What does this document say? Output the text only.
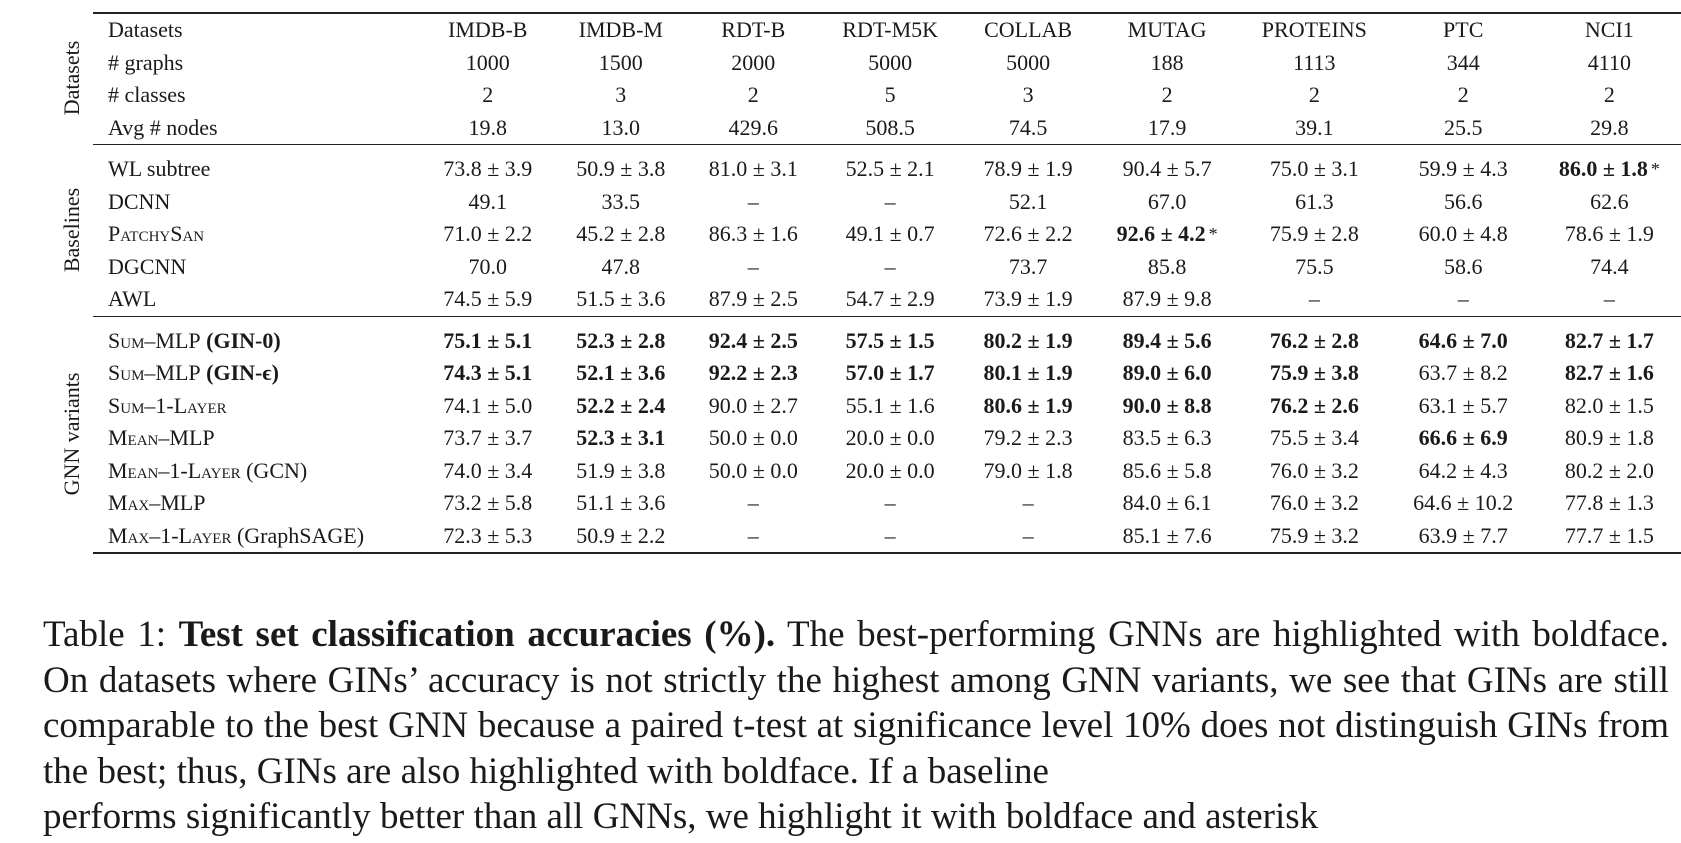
Datasets	IMDB-B	IMDB-M	RDT-B	RDT-M5K	COLLAB	MUTAG	PROTEINS	PTC	NCI1
# graphs	1000	1500	2000	5000	5000	188	1113	344	4110
# classes	2	3	2	5	3	2	2	2	2
Avg # nodes	19.8	13.0	429.6	508.5	74.5	17.9	39.1	25.5	29.8
WL subtree	73.8 ± 3.9	50.9 ± 3.8	81.0 ± 3.1	52.5 ± 2.1	78.9 ± 1.9	90.4 ± 5.7	75.0 ± 3.1	59.9 ± 4.3	86.0 ± 1.8 *
DCNN	49.1	33.5	–	–	52.1	67.0	61.3	56.6	62.6
PatchySan	71.0 ± 2.2	45.2 ± 2.8	86.3 ± 1.6	49.1 ± 0.7	72.6 ± 2.2	92.6 ± 4.2 *	75.9 ± 2.8	60.0 ± 4.8	78.6 ± 1.9
DGCNN	70.0	47.8	–	–	73.7	85.8	75.5	58.6	74.4
AWL	74.5 ± 5.9	51.5 ± 3.6	87.9 ± 2.5	54.7 ± 2.9	73.9 ± 1.9	87.9 ± 9.8	–	–	–
Sum–MLP (GIN-0)	75.1 ± 5.1	52.3 ± 2.8	92.4 ± 2.5	57.5 ± 1.5	80.2 ± 1.9	89.4 ± 5.6	76.2 ± 2.8	64.6 ± 7.0	82.7 ± 1.7
Sum–MLP (GIN-ϵ)	74.3 ± 5.1	52.1 ± 3.6	92.2 ± 2.3	57.0 ± 1.7	80.1 ± 1.9	89.0 ± 6.0	75.9 ± 3.8	63.7 ± 8.2	82.7 ± 1.6
Sum–1-Layer	74.1 ± 5.0	52.2 ± 2.4	90.0 ± 2.7	55.1 ± 1.6	80.6 ± 1.9	90.0 ± 8.8	76.2 ± 2.6	63.1 ± 5.7	82.0 ± 1.5
Mean–MLP	73.7 ± 3.7	52.3 ± 3.1	50.0 ± 0.0	20.0 ± 0.0	79.2 ± 2.3	83.5 ± 6.3	75.5 ± 3.4	66.6 ± 6.9	80.9 ± 1.8
Mean–1-Layer (GCN)	74.0 ± 3.4	51.9 ± 3.8	50.0 ± 0.0	20.0 ± 0.0	79.0 ± 1.8	85.6 ± 5.8	76.0 ± 3.2	64.2 ± 4.3	80.2 ± 2.0
Max–MLP	73.2 ± 5.8	51.1 ± 3.6	–	–	–	84.0 ± 6.1	76.0 ± 3.2	64.6 ± 10.2	77.8 ± 1.3
Max–1-Layer (GraphSAGE)	72.3 ± 5.3	50.9 ± 2.2	–	–	–	85.1 ± 7.6	75.9 ± 3.2	63.9 ± 7.7	77.7 ± 1.5
Datasets
Baselines
GNN variants

Table 1: Test set classification accuracies (%). The best-performing GNNs are highlighted with boldface. On datasets where GINs’ accuracy is not strictly the highest among GNN variants, we see that GINs are still comparable to the best GNN because a paired t-test at significance level 10% does not distinguish GINs from the best; thus, GINs are also highlighted with boldface. If a baseline
performs significantly better than all GNNs, we highlight it with boldface and asterisk
